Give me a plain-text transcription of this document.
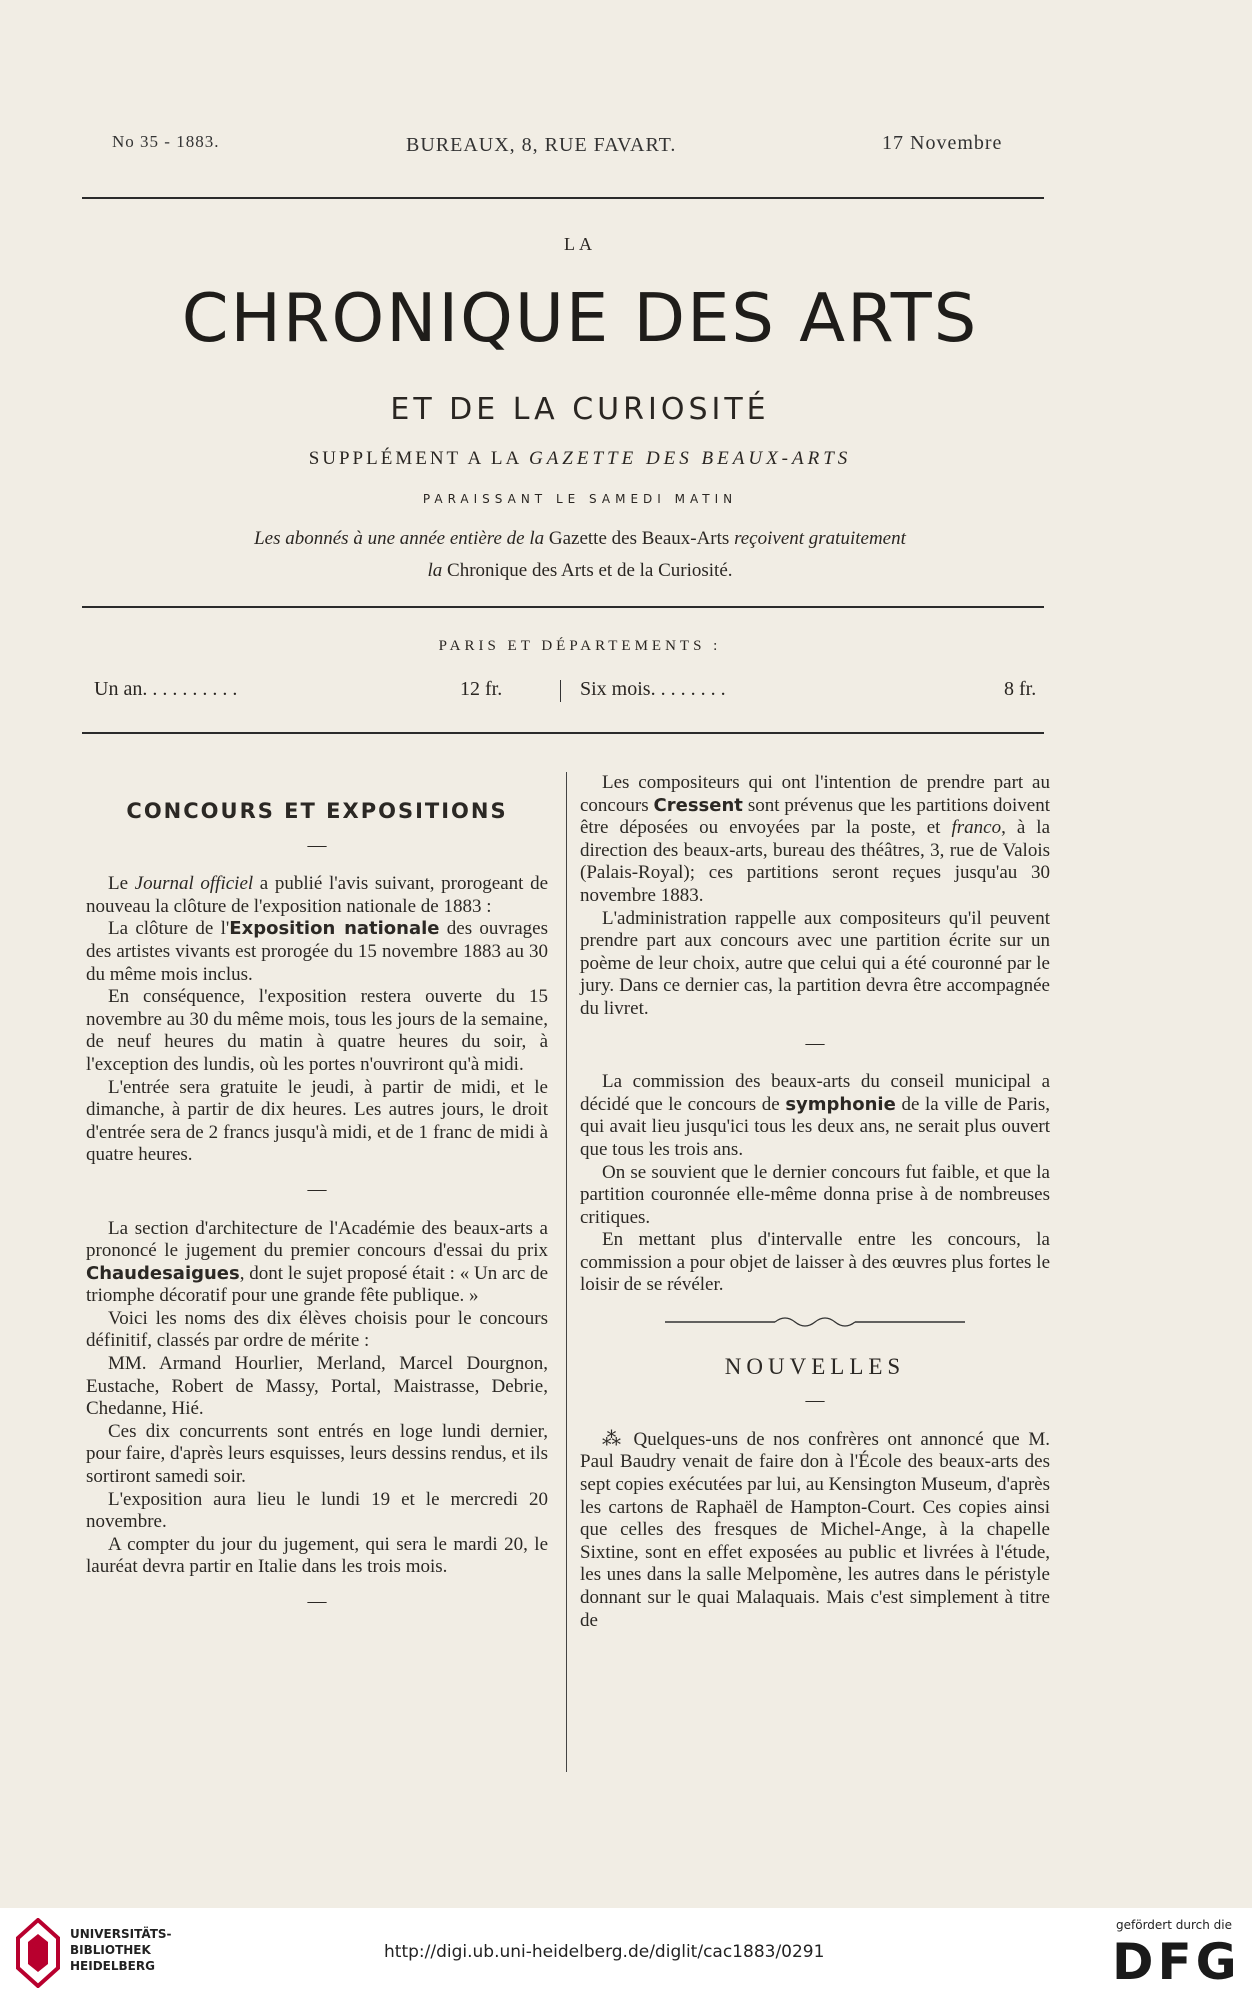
No 35 - 1883.	BUREAUX, 8, RUE FAVART.	17 Novembre
LA
CHRONIQUE DES ARTS
ET DE LA CURIOSITÉ
SUPPLÉMENT A LA GAZETTE DES BEAUX-ARTS
PARAISSANT LE SAMEDI MATIN
Les abonnés à une année entière de la Gazette des Beaux-Arts reçoivent gratuitement
la Chronique des Arts et de la Curiosité.
PARIS ET DÉPARTEMENTS :
Un an. . . . . . . . . .	12 fr.	Six mois. . . . . . . .	8 fr.

CONCOURS ET EXPOSITIONS

—

Le Journal officiel a publié l'avis suivant, prorogeant de nouveau la clôture de l'exposition nationale de 1883 :

La clôture de l'Exposition nationale des ouvrages des artistes vivants est prorogée du 15 novembre 1883 au 30 du même mois inclus.

En conséquence, l'exposition restera ouverte du 15 novembre au 30 du même mois, tous les jours de la semaine, de neuf heures du matin à quatre heures du soir, à l'exception des lundis, où les portes n'ouvriront qu'à midi.

L'entrée sera gratuite le jeudi, à partir de midi, et le dimanche, à partir de dix heures. Les autres jours, le droit d'entrée sera de 2 francs jusqu'à midi, et de 1 franc de midi à quatre heures.

—

La section d'architecture de l'Académie des beaux-arts a prononcé le jugement du premier concours d'essai du prix Chaudesaigues, dont le sujet proposé était : « Un arc de triomphe décoratif pour une grande fête publique. »

Voici les noms des dix élèves choisis pour le concours définitif, classés par ordre de mérite :

MM. Armand Hourlier, Merland, Marcel Dourgnon, Eustache, Robert de Massy, Portal, Maistrasse, Debrie, Chedanne, Hié.

Ces dix concurrents sont entrés en loge lundi dernier, pour faire, d'après leurs esquisses, leurs dessins rendus, et ils sortiront samedi soir.

L'exposition aura lieu le lundi 19 et le mercredi 20 novembre.

A compter du jour du jugement, qui sera le mardi 20, le lauréat devra partir en Italie dans les trois mois.

—

Les compositeurs qui ont l'intention de prendre part au concours Cressent sont prévenus que les partitions doivent être déposées ou envoyées par la poste, et franco, à la direction des beaux-arts, bureau des théâtres, 3, rue de Valois (Palais-Royal); ces partitions seront reçues jusqu'au 30 novembre 1883.

L'administration rappelle aux compositeurs qu'il peuvent prendre part aux concours avec une partition écrite sur un poème de leur choix, autre que celui qui a été couronné par le jury. Dans ce dernier cas, la partition devra être accompagnée du livret.

—

La commission des beaux-arts du conseil municipal a décidé que le concours de symphonie de la ville de Paris, qui avait lieu jusqu'ici tous les deux ans, ne serait plus ouvert que tous les trois ans.

On se souvient que le dernier concours fut faible, et que la partition couronnée elle-même donna prise à de nombreuses critiques.

En mettant plus d'intervalle entre les concours, la commission a pour objet de laisser à des œuvres plus fortes le loisir de se révéler.

NOUVELLES

—

⁂ Quelques-uns de nos confrères ont annoncé que M. Paul Baudry venait de faire don à l'École des beaux-arts des sept copies exécutées par lui, au Kensington Museum, d'après les cartons de Raphaël de Hampton-Court. Ces copies ainsi que celles des fresques de Michel-Ange, à la chapelle Sixtine, sont en effet exposées au public et livrées à l'étude, les unes dans la salle Melpomène, les autres dans le péristyle donnant sur le quai Malaquais. Mais c'est simplement à titre de

UNIVERSITÄTS-
BIBLIOTHEK
HEIDELBERG
http://digi.ub.uni-heidelberg.de/diglit/cac1883/0291
gefördert durch die
DFG
